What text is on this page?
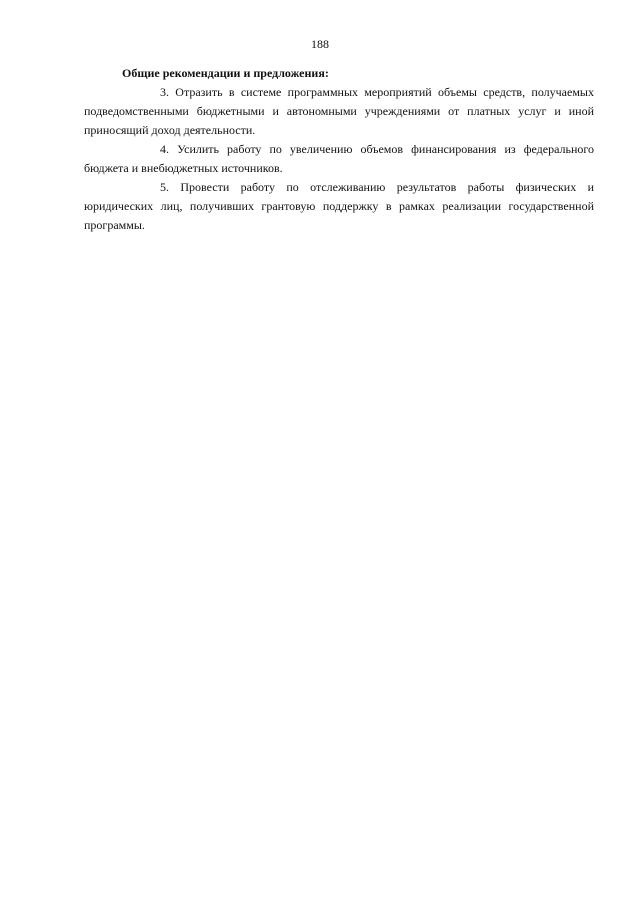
188

Общие рекомендации и предложения:

3. Отразить в системе программных мероприятий объемы средств, получаемых подведомственными бюджетными и автономными учреждениями от платных услуг и иной приносящий доход деятельности.

4. Усилить работу по увеличению объемов финансирования из федерального бюджета и внебюджетных источников.

5. Провести работу по отслеживанию результатов работы физических и юридических лиц, получивших грантовую поддержку в рамках реализации государственной программы.
